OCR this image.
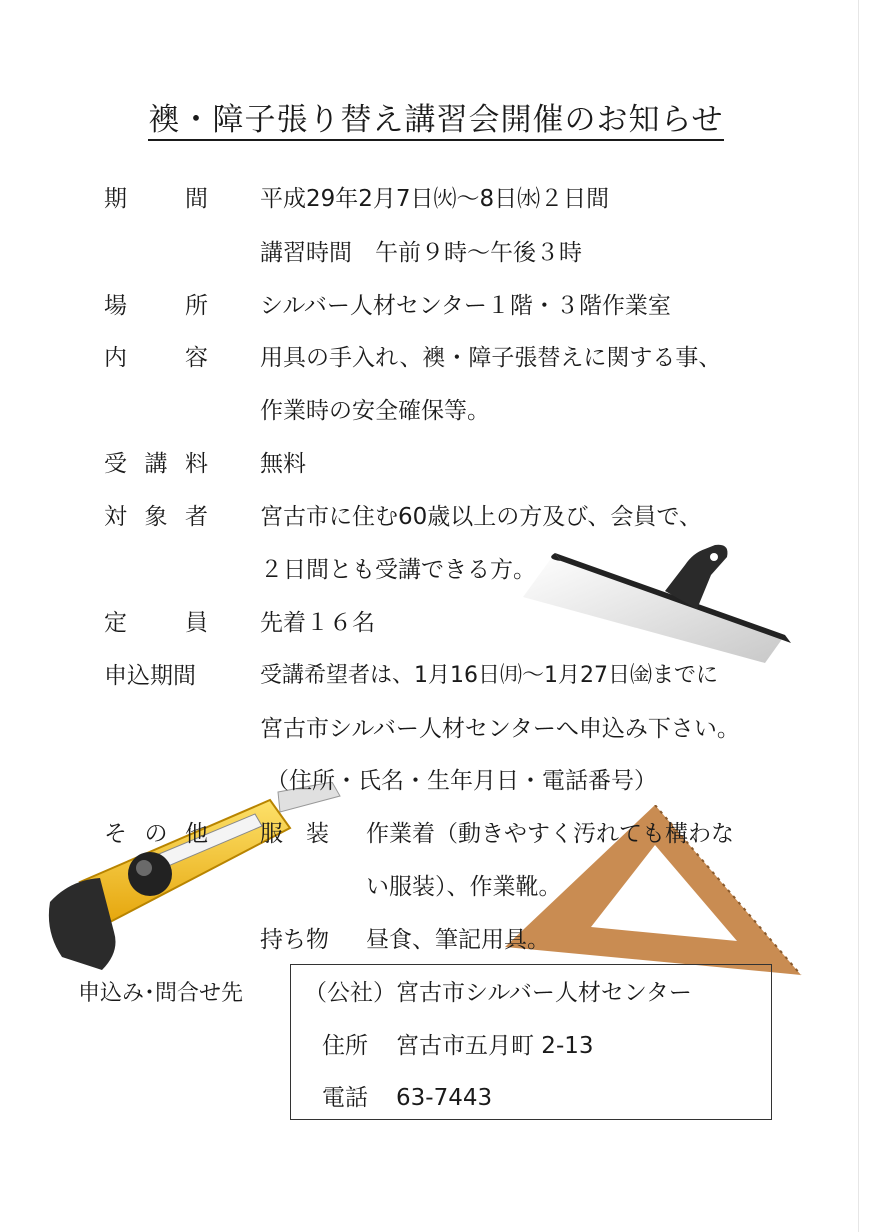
襖・障子張り替え講習会開催のお知らせ
期	間 平成29年2月7日㈫〜8日㈬２日間
講習時間　午前９時〜午後３時
場	所 シルバー人材センター１階・３階作業室
内	容 用具の手入れ、襖・障子張替えに関する事、
作業時の安全確保等。
受 講 料 無料
対 象 者 宮古市に住む60歳以上の方及び、会員で、
２日間とも受講できる方。
定	員 先着１６名
申込期間	受講希望者は、1月16日㈪〜1月27日㈮までに
宮古市シルバー人材センターへ申込み下さい。
（住所・氏名・生年月日・電話番号）
そ の 他 服　装 作業着（動きやすく汚れても構わな
い服装）、作業靴。
持ち物 昼食、筆記用具。
申込み･問合せ先	（公社）宮古市シルバー人材センター
住所 宮古市五月町 2-13
電話 63-7443
